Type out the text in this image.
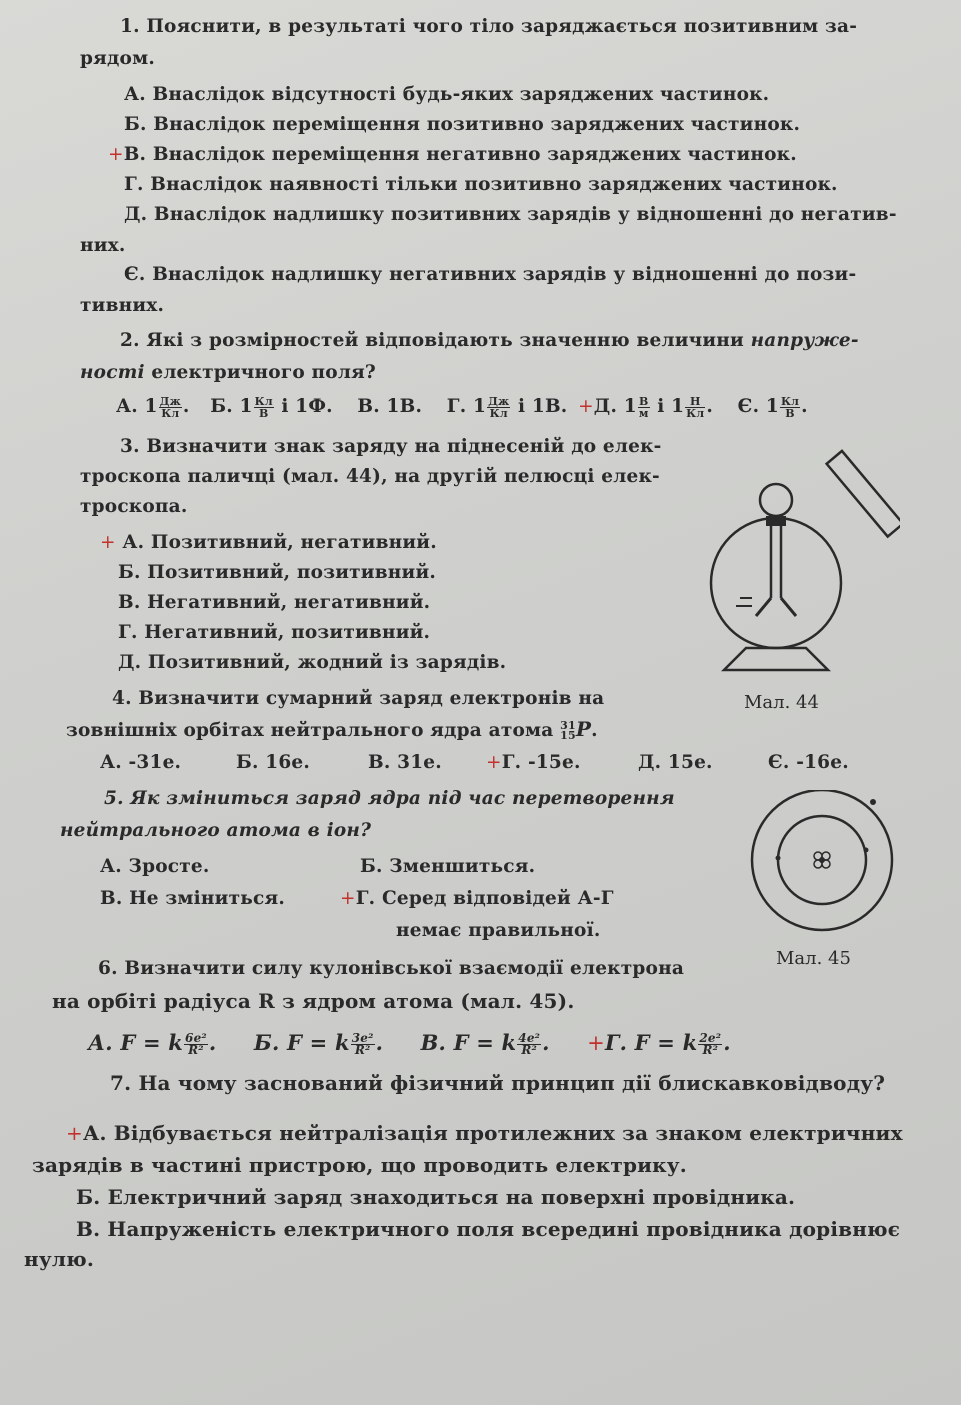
1. Пояснити, в результаті чого тіло заряджається позитивним за-
рядом.
А. Внаслідок відсутності будь-яких заряджених частинок.
Б. Внаслідок переміщення позитивно заряджених частинок.
+В. Внаслідок переміщення негативно заряджених частинок.
Г. Внаслідок наявності тільки позитивно заряджених частинок.
Д. Внаслідок надлишку позитивних зарядів у відношенні до негатив-
них.
Є. Внаслідок надлишку негативних зарядів у відношенні до пози-
тивних.
2. Які з розмірностей відповідають значенню величини напруже-
ності електричного поля?
А. $1 \frac{Дж}{Кл}$ . Б. $1 \frac{Кл}{В}$ і 1Ф. В. 1В. Г. $1 \frac{Дж}{Кл}$ і 1В. +Д. $1 \frac{В}{м}$ і $1 \frac{Н}{Кл}$ . Є. $1 \frac{Кл}{В}$ .
3. Визначити знак заряду на піднесеній до елек-
троскопа паличці (мал. 44), на другій пелюсці елек-
троскопа.
+ А. Позитивний, негативний.
Б. Позитивний, позитивний.
В. Негативний, негативний.
Г. Негативний, позитивний.
Д. Позитивний, жодний із зарядів.
Мал. 44
4. Визначити сумарний заряд електронів на
зовнішніх орбітах нейтрального ядра атома 31
15 P.
А. -31е.	Б. 16е.	В. 31е. +Г. -15е.	Д. 15е.	Є. -16е.
5. Як зміниться заряд ядра під час перетворення
нейтрального атома в іон?
А. Зросте.	Б. Зменшиться.
В. Не зміниться.	+Г. Серед відповідей А-Г
немає правильної.
Мал. 45
6. Визначити силу кулонівської взаємодії електрона
на орбіті радіуса R з ядром атома (мал. 45).
А. F = k $\frac{\text{6e²}}{\text{R²}}$ . Б. F = k $\frac{\text{3e²}}{\text{R²}}$ . В. F = k $\frac{\text{4e²}}{\text{R²}}$ . +Г. F = k $\frac{\text{2e²}}{\text{R²}}$ .
7. На чому заснований фізичний принцип дії блискавковідводу?
+А. Відбувається нейтралізація протилежних за знаком електричних
зарядів в частині пристрою, що проводить електрику.
Б. Електричний заряд знаходиться на поверхні провідника.
В. Напруженість електричного поля всередині провідника дорівнює
нулю.
